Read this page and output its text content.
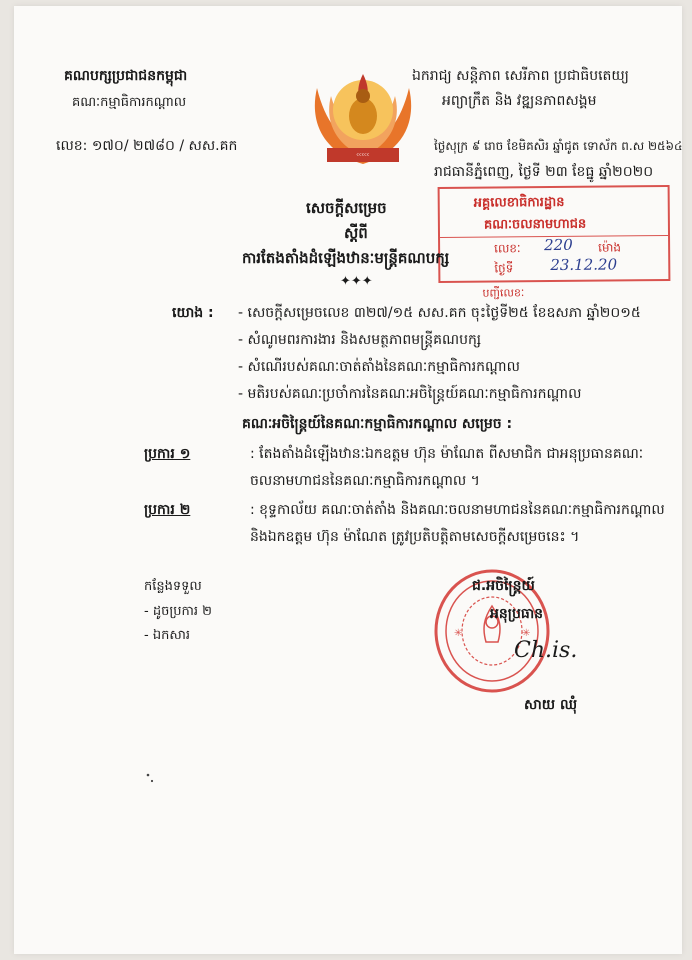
គណបក្សប្រជាជនកម្ពុជា
គណៈកម្មាធិការកណ្ដាល
ᶜᶜᶜᶜᶜ
ឯករាជ្យ សន្តិភាព សេរីភាព ប្រជាធិបតេយ្យ
អព្យាក្រឹត និង វឌ្ឍនភាពសង្គម
លេខ: ១៧០/ ២៧៨០ / សស.គក	ថ្ងៃសុក្រ ៩ រោច ខែមិគសិរ ឆ្នាំជូត ទោស័ក ព.ស ២៥៦៤
រាជធានីភ្នំពេញ, ថ្ងៃទី ២៣ ខែធ្នូ ឆ្នាំ២០២០
អគ្គលេខាធិការដ្ឋាន
គណៈចលនាមហាជន
លេខៈ 220 ម៉ោង
ថ្ងៃទី 23.12.20
បញ្ជីលេខៈ
សេចក្ដីសម្រេច
ស្ដីពី
ការតែងតាំងដំឡើងឋានៈមន្ត្រីគណបក្ស
✦✦✦
យោង : - សេចក្ដីសម្រេចលេខ ៣២៧/១៥ សស.គក ចុះថ្ងៃទី២៥ ខែឧសភា ឆ្នាំ២០១៥
- សំណូមពរការងារ និងសមត្ថភាពមន្ត្រីគណបក្ស
- សំណើរបស់គណៈចាត់តាំងនៃគណៈកម្មាធិការកណ្ដាល
- មតិរបស់គណៈប្រចាំការនៃគណៈអចិន្ត្រៃយ៍គណៈកម្មាធិការកណ្ដាល
គណៈអចិន្ត្រៃយ៍នៃគណៈកម្មាធិការកណ្ដាល សម្រេច :
ប្រការ ១	: តែងតាំងដំឡើងឋានៈឯកឧត្ដម ហ៊ុន ម៉ាណែត ពីសមាជិក ជាអនុប្រធានគណៈ
ចលនាមហាជននៃគណៈកម្មាធិការកណ្ដាល ។
ប្រការ ២	: ខុទ្ទកាល័យ គណៈចាត់តាំង និងគណៈចលនាមហាជននៃគណៈកម្មាធិការកណ្ដាល
និងឯកឧត្ដម ហ៊ុន ម៉ាណែត ត្រូវប្រតិបត្តិតាមសេចក្ដីសម្រេចនេះ ។
កន្លែងទទួល
- ដូចប្រការ ២
- ឯកសារ	✳	✳
ជ.អចិន្ត្រៃយ៍
អនុប្រធាន
Ch.is.
សាយ ឈុំ
